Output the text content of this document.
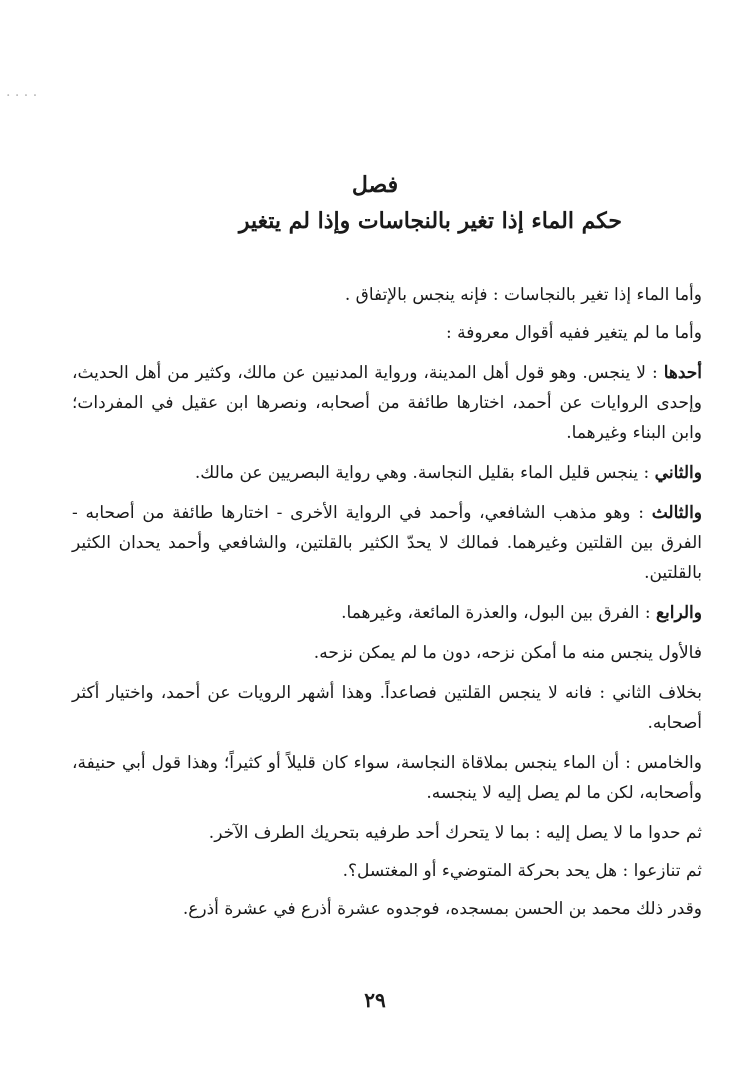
. . . .
فصل
حكم الماء إذا تغير بالنجاسات وإذا لم يتغير

وأما الماء إذا تغير بالنجاسات : فإنه ينجس بالإتفاق .

وأما ما لم يتغير ففيه أقوال معروفة :

أحدها : لا ينجس. وهو قول أهل المدينة، ورواية المدنيين عن مالك، وكثير من أهل الحديث، وإحدى الروايات عن أحمد، اختارها طائفة من أصحابه، ونصرها ابن عقيل في المفردات؛ وابن البناء وغيرهما.

والثاني : ينجس قليل الماء بقليل النجاسة. وهي رواية البصريين عن مالك.

والثالث : وهو مذهب الشافعي، وأحمد في الرواية الأخرى - اختارها طائفة من أصحابه - الفرق بين القلتين وغيرهما. فمالك لا يحدّ الكثير بالقلتين، والشافعي وأحمد يحدان الكثير بالقلتين.

والرابع : الفرق بين البول، والعذرة المائعة، وغيرهما.

فالأول ينجس منه ما أمكن نزحه، دون ما لم يمكن نزحه.

بخلاف الثاني : فانه لا ينجس القلتين فصاعداً. وهذا أشهر الرويات عن أحمد، واختيار أكثر أصحابه.

والخامس : أن الماء ينجس بملاقاة النجاسة، سواء كان قليلاً أو كثيراً؛ وهذا قول أبي حنيفة، وأصحابه، لكن ما لم يصل إليه لا ينجسه.

ثم حدوا ما لا يصل إليه : بما لا يتحرك أحد طرفيه بتحريك الطرف الآخر.

ثم تنازعوا : هل يحد بحركة المتوضيء أو المغتسل؟.

وقدر ذلك محمد بن الحسن بمسجده، فوجدوه عشرة أذرع في عشرة أذرع.

٢٩
